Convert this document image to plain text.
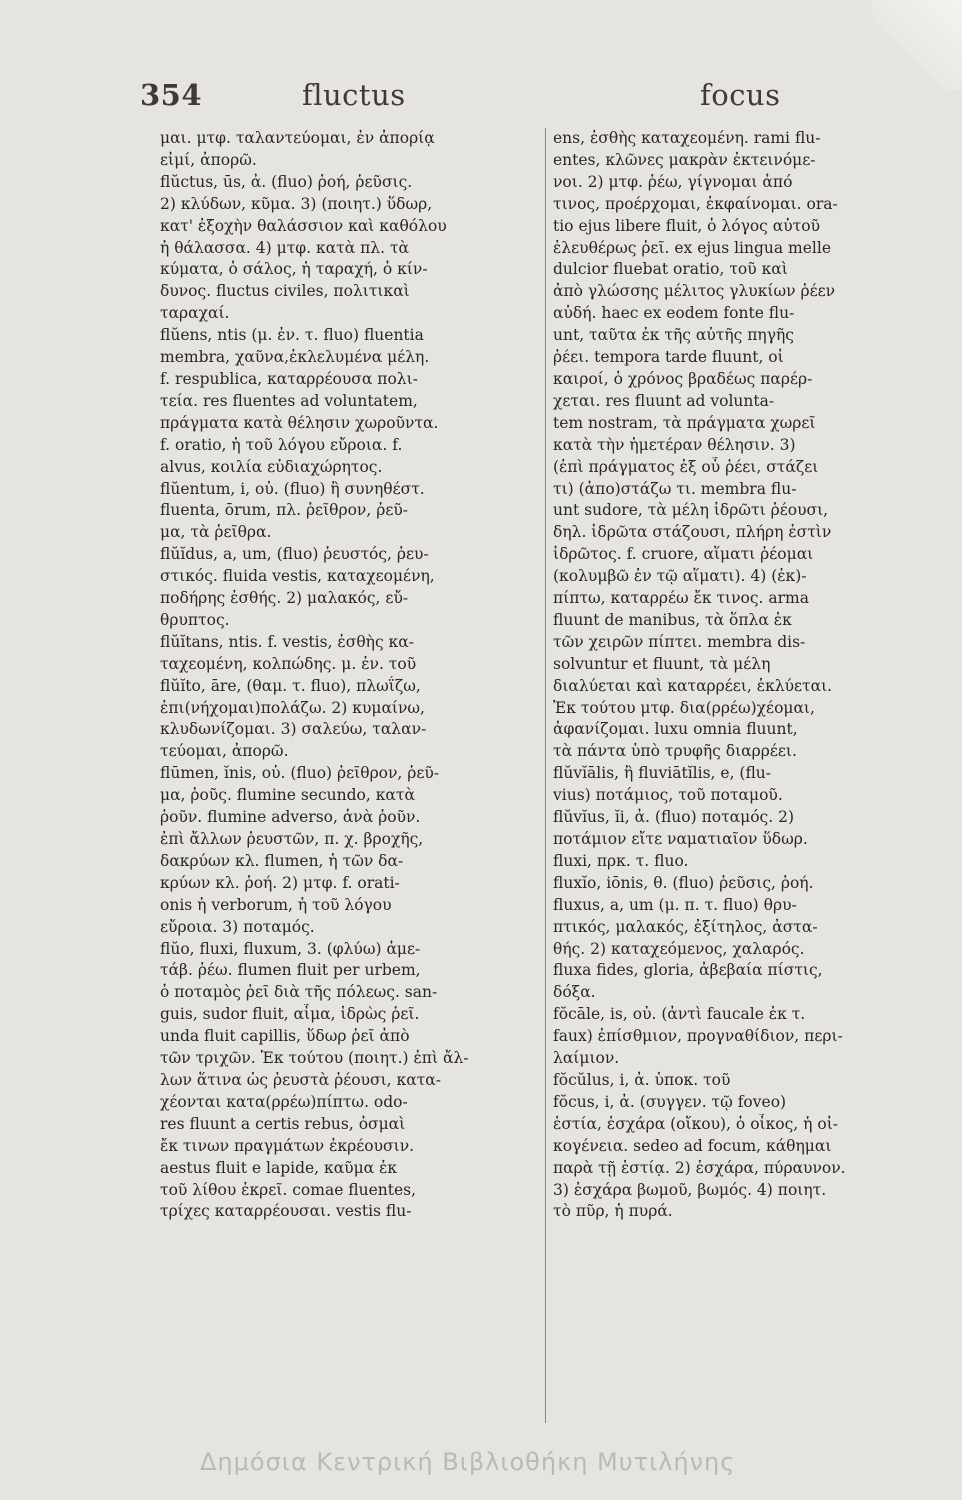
354	fluctus	focus
μαι. μτφ. ταλαντεύομαι, ἐν ἀπορίᾳ
εἰμί, ἀπορῶ.
flŭctus, ūs, ἀ. (fluo) ῥοή, ῥεῦσις.
2) κλύδων, κῦμα. 3) (ποιητ.) ὕδωρ,
κατ' ἐξοχὴν θαλάσσιον καὶ καθόλου
ἡ θάλασσα. 4) μτφ. κατὰ πλ. τὰ
κύματα, ὁ σάλος, ἡ ταραχή, ὁ κίν-
δυνος. fluctus civiles, πολιτικαὶ
ταραχαί.
flŭens, ntis (μ. ἐν. τ. fluo) fluentia
membra, χαῦνα,ἐκλελυμένα μέλη.
f. respublica, καταρρέουσα πολι-
τεία. res fluentes ad voluntatem,
πράγματα κατὰ θέλησιν χωροῦντα.
f. oratio, ἡ τοῦ λόγου εὔροια. f.
alvus, κοιλία εὐδιαχώρητος.
flŭentum, i, οὐ. (fluo) ἢ συνηθέστ.
fluenta, ōrum, πλ. ῥεῖθρον, ῥεῦ-
μα, τὰ ῥεῖθρα.
flŭĭdus, a, um, (fluo) ῥευστός, ῥευ-
στικός. fluida vestis, καταχεομένη,
ποδήρης ἐσθής. 2) μαλακός, εὔ-
θρυπτος.
flŭĭtans, ntis. f. vestis, ἐσθὴς κα-
ταχεομένη, κολπώδης. μ. ἐν. τοῦ
flŭĭto, āre, (θαμ. τ. fluo), πλωΐζω,
ἐπι(νήχομαι)πολάζω. 2) κυμαίνω,
κλυδωνίζομαι. 3) σαλεύω, ταλαν-
τεύομαι, ἀπορῶ.
flūmen, ĭnis, οὐ. (fluo) ῥεῖθρον, ῥεῦ-
μα, ῥοῦς. flumine secundo, κατὰ
ῥοῦν. flumine adverso, ἀνὰ ῥοῦν.
ἐπὶ ἄλλων ῥευστῶν, π. χ. βροχῆς,
δακρύων κλ. flumen, ἡ τῶν δα-
κρύων κλ. ῥοή. 2) μτφ. f. orati-
onis ἡ verborum, ἡ τοῦ λόγου
εὔροια. 3) ποταμός.
flŭo, fluxi, fluxum, 3. (φλύω) ἀμε-
τάβ. ῥέω. flumen fluit per urbem,
ὁ ποταμὸς ῥεῖ διὰ τῆς πόλεως. san-
guis, sudor fluit, αἷμα, ἱδρὼς ῥεῖ.
unda fluit capillis, ὕδωρ ῥεῖ ἀπὸ
τῶν τριχῶν. Ἐκ τούτου (ποιητ.) ἐπὶ ἄλ-
λων ἅτινα ὡς ῥευστὰ ῥέουσι, κατα-
χέονται κατα(ρρέω)πίπτω. odo-
res fluunt a certis rebus, ὀσμαὶ
ἔκ τινων πραγμάτων ἐκρέουσιν.
aestus fluit e lapide, καῦμα ἐκ
τοῦ λίθου ἐκρεῖ. comae fluentes,
τρίχες καταρρέουσαι. vestis flu-
ens, ἐσθὴς καταχεομένη. rami flu-
entes, κλῶνες μακρὰν ἐκτεινόμε-
νοι. 2) μτφ. ῥέω, γίγνομαι ἀπό
τινος, προέρχομαι, ἐκφαίνομαι. ora-
tio ejus libere fluit, ὁ λόγος αὐτοῦ
ἐλευθέρως ῥεῖ. ex ejus lingua melle
dulcior fluebat oratio, τοῦ καὶ
ἀπὸ γλώσσης μέλιτος γλυκίων ῥέεν
αὐδή. haec ex eodem fonte flu-
unt, ταῦτα ἐκ τῆς αὐτῆς πηγῆς
ῥέει. tempora tarde fluunt, οἱ
καιροί, ὁ χρόνος βραδέως παρέρ-
χεται. res fluunt ad volunta-
tem nostram, τὰ πράγματα χωρεῖ
κατὰ τὴν ἡμετέραν θέλησιν. 3)
(ἐπὶ πράγματος ἐξ οὗ ῥέει, στάζει
τι) (ἀπο)στάζω τι. membra flu-
unt sudore, τὰ μέλη ἱδρῶτι ῥέουσι,
δηλ. ἱδρῶτα στάζουσι, πλήρη ἐστὶν
ἱδρῶτος. f. cruore, αἵματι ῥέομαι
(κολυμβῶ ἐν τῷ αἵματι). 4) (ἐκ)-
πίπτω, καταρρέω ἔκ τινος. arma
fluunt de manibus, τὰ ὅπλα ἐκ
τῶν χειρῶν πίπτει. membra dis-
solvuntur et fluunt, τὰ μέλη
διαλύεται καὶ καταρρέει, ἐκλύεται.
Ἐκ τούτου μτφ. δια(ρρέω)χέομαι,
ἀφανίζομαι. luxu omnia fluunt,
τὰ πάντα ὑπὸ τρυφῆς διαρρέει.
flŭvĭālis, ἢ fluviātĭlis, e, (flu-
vius) ποτάμιος, τοῦ ποταμοῦ.
flŭvĭus, ĭi, ἀ. (fluo) ποταμός. 2)
ποτάμιον εἴτε ναματιαῖον ὕδωρ.
fluxi, πρκ. τ. fluo.
fluxĭo, iōnis, θ. (fluo) ῥεῦσις, ῥοή.
fluxus, a, um (μ. π. τ. fluo) θρυ-
πτικός, μαλακός, ἐξίτηλος, ἀστα-
θής. 2) καταχεόμενος, χαλαρός.
fluxa fides, gloria, ἀβεβαία πίστις,
δόξα.
fŏcāle, is, οὐ. (ἀντὶ faucale ἐκ τ.
faux) ἐπίσθμιον, προγναθίδιον, περι-
λαίμιον.
fŏcŭlus, i, ἀ. ὑποκ. τοῦ
fŏcus, i, ἀ. (συγγεν. τῷ foveo)
ἑστία, ἐσχάρα (οἴκου), ὁ οἶκος, ἡ οἰ-
κογένεια. sedeo ad focum, κάθημαι
παρὰ τῇ ἑστίᾳ. 2) ἐσχάρα, πύραυνον.
3) ἐσχάρα βωμοῦ, βωμός. 4) ποιητ.
τὸ πῦρ, ἡ πυρά.
Δημόσια Κεντρική Βιβλιοθήκη Μυτιλήνης
